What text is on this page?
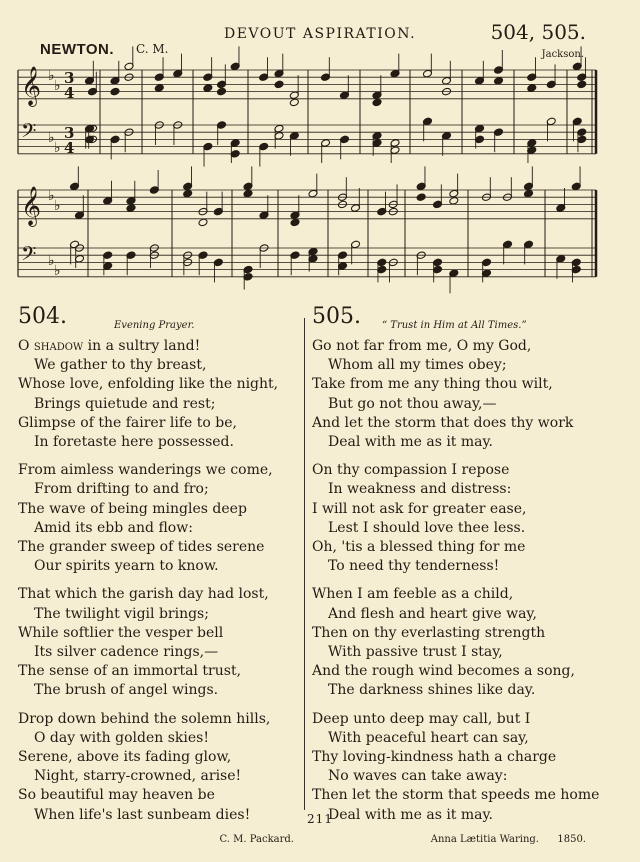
DEVOUT ASPIRATION.	504, 505.
NEWTON. C. M.	Jackson.
𝄞 ♭
♭ 3
4
𝄢 ♭
♭
3
4
𝄞 ♭
♭
𝄢 ♭
♭
504.	Evening Prayer.
O shadow in a sultry land!
We gather to thy breast,
Whose love, enfolding like the night,
Brings quietude and rest;
Glimpse of the fairer life to be,
In foretaste here possessed.
From aimless wanderings we come,
From drifting to and fro;
The wave of being mingles deep
Amid its ebb and flow:
The grander sweep of tides serene
Our spirits yearn to know.
That which the garish day had lost,
The twilight vigil brings;
While softlier the vesper bell
Its silver cadence rings,—
The sense of an immortal trust,
The brush of angel wings.
Drop down behind the solemn hills,
O day with golden skies!
Serene, above its fading glow,
Night, starry-crowned, arise!
So beautiful may heaven be
When life's last sunbeam dies!
C. M. Packard.
505. “ Trust in Him at All Times.”
Go not far from me, O my God,
Whom all my times obey;
Take from me any thing thou wilt,
But go not thou away,—
And let the storm that does thy work
Deal with me as it may.
On thy compassion I repose
In weakness and distress:
I will not ask for greater ease,
Lest I should love thee less.
Oh, 'tis a blessed thing for me
To need thy tenderness!
When I am feeble as a child,
And flesh and heart give way,
Then on thy everlasting strength
With passive trust I stay,
And the rough wind becomes a song,
The darkness shines like day.
Deep unto deep may call, but I
With peaceful heart can say,
Thy loving-kindness hath a charge
No waves can take away:
Then let the storm that speeds me home
Deal with me as it may.
Anna Lætitia Waring. 1850.
211
